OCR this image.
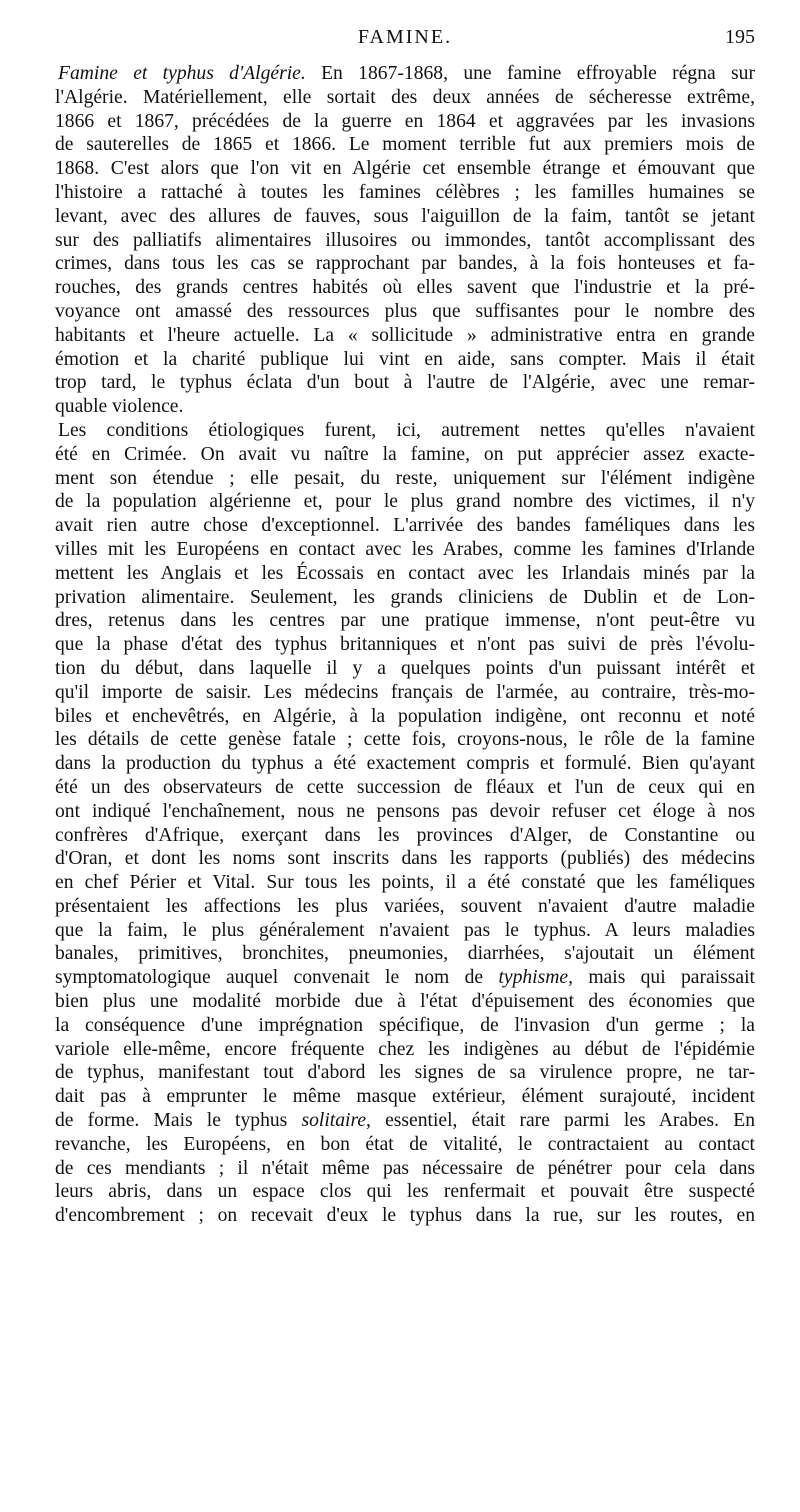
FAMINE.	195
Famine et typhus d'Algérie. En 1867-1868, une famine effroyable régna sur
l'Algérie. Matériellement, elle sortait des deux années de sécheresse extrême,
1866 et 1867, précédées de la guerre en 1864 et aggravées par les invasions
de sauterelles de 1865 et 1866. Le moment terrible fut aux premiers mois de
1868. C'est alors que l'on vit en Algérie cet ensemble étrange et émouvant que
l'histoire a rattaché à toutes les famines célèbres ; les familles humaines se
levant, avec des allures de fauves, sous l'aiguillon de la faim, tantôt se jetant
sur des palliatifs alimentaires illusoires ou immondes, tantôt accomplissant des
crimes, dans tous les cas se rapprochant par bandes, à la fois honteuses et fa-
rouches, des grands centres habités où elles savent que l'industrie et la pré-
voyance ont amassé des ressources plus que suffisantes pour le nombre des
habitants et l'heure actuelle. La « sollicitude » administrative entra en grande
émotion et la charité publique lui vint en aide, sans compter. Mais il était
trop tard, le typhus éclata d'un bout à l'autre de l'Algérie, avec une remar-
quable violence.
Les conditions étiologiques furent, ici, autrement nettes qu'elles n'avaient
été en Crimée. On avait vu naître la famine, on put apprécier assez exacte-
ment son étendue ; elle pesait, du reste, uniquement sur l'élément indigène
de la population algérienne et, pour le plus grand nombre des victimes, il n'y
avait rien autre chose d'exceptionnel. L'arrivée des bandes faméliques dans les
villes mit les Européens en contact avec les Arabes, comme les famines d'Irlande
mettent les Anglais et les Écossais en contact avec les Irlandais minés par la
privation alimentaire. Seulement, les grands cliniciens de Dublin et de Lon-
dres, retenus dans les centres par une pratique immense, n'ont peut-être vu
que la phase d'état des typhus britanniques et n'ont pas suivi de près l'évolu-
tion du début, dans laquelle il y a quelques points d'un puissant intérêt et
qu'il importe de saisir. Les médecins français de l'armée, au contraire, très-mo-
biles et enchevêtrés, en Algérie, à la population indigène, ont reconnu et noté
les détails de cette genèse fatale ; cette fois, croyons-nous, le rôle de la famine
dans la production du typhus a été exactement compris et formulé. Bien qu'ayant
été un des observateurs de cette succession de fléaux et l'un de ceux qui en
ont indiqué l'enchaînement, nous ne pensons pas devoir refuser cet éloge à nos
confrères d'Afrique, exerçant dans les provinces d'Alger, de Constantine ou
d'Oran, et dont les noms sont inscrits dans les rapports (publiés) des médecins
en chef Périer et Vital. Sur tous les points, il a été constaté que les faméliques
présentaient les affections les plus variées, souvent n'avaient d'autre maladie
que la faim, le plus généralement n'avaient pas le typhus. A leurs maladies
banales, primitives, bronchites, pneumonies, diarrhées, s'ajoutait un élément
symptomatologique auquel convenait le nom de typhisme, mais qui paraissait
bien plus une modalité morbide due à l'état d'épuisement des économies que
la conséquence d'une imprégnation spécifique, de l'invasion d'un germe ; la
variole elle-même, encore fréquente chez les indigènes au début de l'épidémie
de typhus, manifestant tout d'abord les signes de sa virulence propre, ne tar-
dait pas à emprunter le même masque extérieur, élément surajouté, incident
de forme. Mais le typhus solitaire, essentiel, était rare parmi les Arabes. En
revanche, les Européens, en bon état de vitalité, le contractaient au contact
de ces mendiants ; il n'était même pas nécessaire de pénétrer pour cela dans
leurs abris, dans un espace clos qui les renfermait et pouvait être suspecté
d'encombrement ; on recevait d'eux le typhus dans la rue, sur les routes, en
